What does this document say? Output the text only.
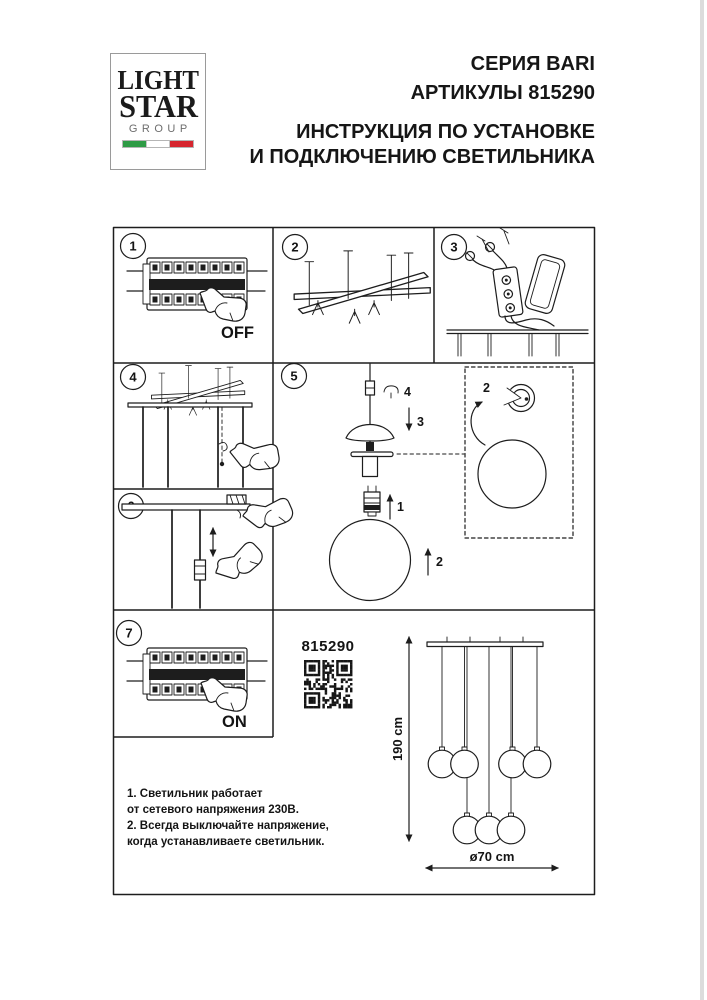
LIGHT
STAR
GROUP
СЕРИЯ BARI
АРТИКУЛЫ 815290
ИНСТРУКЦИЯ ПО УСТАНОВКЕ
И ПОДКЛЮЧЕНИЮ СВЕТИЛЬНИКА
1	2	3
4	5
7
OFF
4
3
1
2
2
ON
815290
190 cm
ø70 cm
1. Светильник работает
от сетевого напряжения 230В.
2. Всегда выключайте напряжение,
когда устанавливаете светильник.
